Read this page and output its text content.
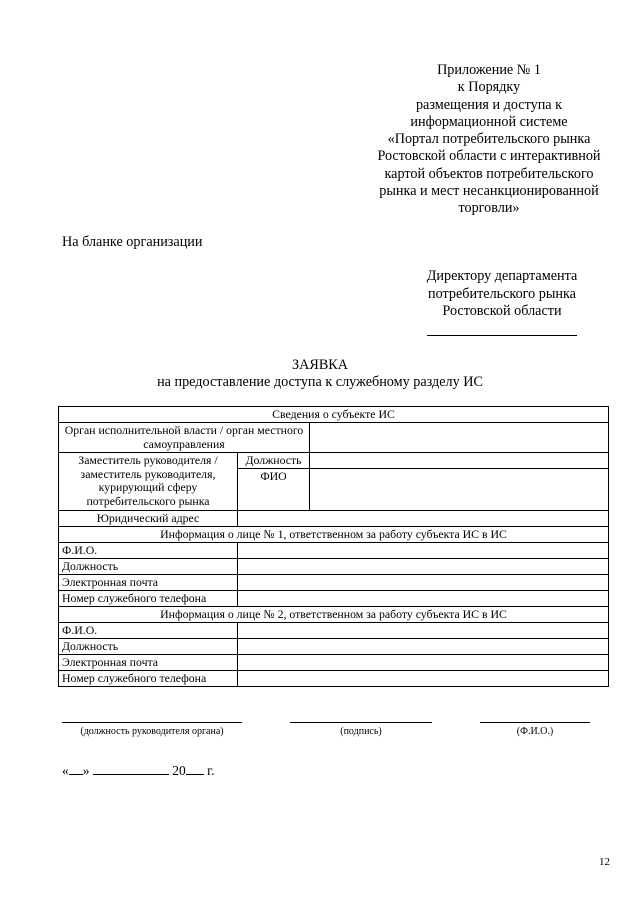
Приложение № 1
к Порядку
размещения и доступа к
информационной системе
«Портал потребительского рынка
Ростовской области с интерактивной
картой объектов потребительского
рынка и мест несанкционированной
торговли»
На бланке организации
Директору департамента
потребительского рынка
Ростовской области
ЗАЯВКА
на предоставление доступа к служебному разделу ИС
Сведения о субъекте ИС		
Орган исполнительной власти / орган местного самоуправления		
Заместитель руководителя / заместитель руководителя, курирующий сферу потребительского рынка	Должность	
	ФИО	
Юридический адрес		
Информация о лице № 1, ответственном за работу субъекта ИС в ИС		
Ф.И.О.		
Должность		
Электронная почта		
Номер служебного телефона		
Информация о лице № 2, ответственном за работу субъекта ИС в ИС		
Ф.И.О.		
Должность		
Электронная почта		
Номер служебного телефона		
(должность руководителя органа)	(подпись)	(Ф.И.О.)
« »	20 г.
12
